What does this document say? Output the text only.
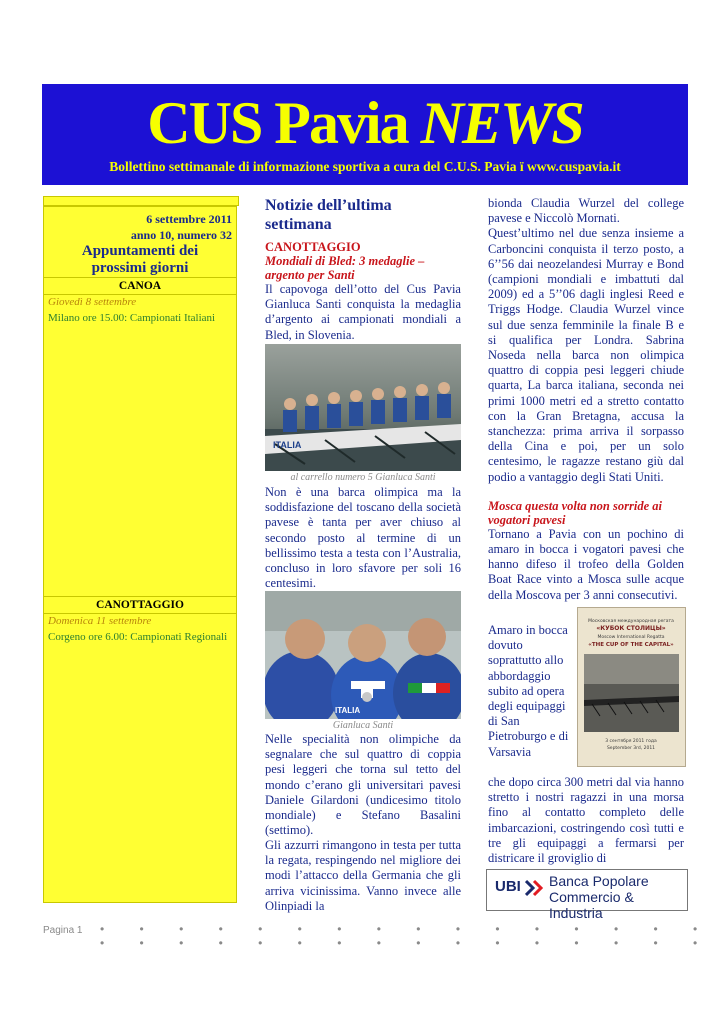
CUS Pavia NEWS
Bollettino settimanale di informazione sportiva a cura del C.U.S. Pavia ï www.cuspavia.it
6 settembre 2011
anno 10, numero 32
Appuntamenti dei
prossimi giorni
CANOA
Giovedì 8 settembre
Milano ore 15.00: Campionati Italiani
CANOTTAGGIO
Domenica 11 settembre
Corgeno ore 6.00: Campionati Regionali
Notizie dell’ultima
settimana
CANOTTAGGIO
Mondiali di Bled: 3 medaglie – argento per Santi
Il capovoga dell’otto del Cus Pavia Gianluca Santi conquista la medaglia d’argento ai campionati mondiali a Bled, in Slovenia.
ITALIA
al carrello numero 5 Gianluca Santi
Non è una barca olimpica ma la soddisfazione del toscano della società pavese è tanta per aver chiuso al secondo posto al termine di un bellissimo testa a testa con l’Australia, concluso in loro sfavore per soli 16 centesimi.
ITALIA
Gianluca Santi
Nelle specialità non olimpiche da segnalare che sul quattro di coppia pesi leggeri che torna sul tetto del mondo c’erano gli universitari pavesi Daniele Gilardoni (undicesimo titolo mondiale) e Stefano Basalini (settimo).
Gli azzurri rimangono in testa per tutta la regata, respingendo nel migliore dei modi l’attacco della Germania che gli arriva vicinissima. Vanno invece alle Olinpiadi la
bionda Claudia Wurzel del college pavese e Niccolò Mornati.
Quest’ultimo nel due senza insieme a Carboncini conquista il terzo posto, a 6’’56 dai neozelandesi Murray e Bond (campioni mondiali e imbattuti dal 2009) ed a 5’’06 dagli inglesi Reed e Triggs Hodge. Claudia Wurzel vince sul due senza femminile la finale B e si qualifica per Londra. Sabrina Noseda nella barca non olimpica quattro di coppia pesi leggeri chiude quarta, La barca italiana, seconda nei primi 1000 metri ed a stretto contatto con la Gran Bretagna, accusa la stanchezza: prima arriva il sorpasso della Cina e poi, per un solo centesimo, le ragazze restano giù dal podio a vantaggio degli Stati Uniti.
Mosca questa volta non sorride ai vogatori pavesi
Tornano a Pavia con un pochino di amaro in bocca i vogatori pavesi che hanno difeso il trofeo della Golden Boat Race vinto a Mosca sulle acque della Moscova per 3 anni consecutivi.
Amaro in bocca dovuto soprattutto allo abbordaggio subito ad opera degli equipaggi di San Pietroburgo e di Varsavia
Московская международная регата
«КУБОК СТОЛИЦЫ»
Moscow International Regatta
«THE CUP OF THE CAPITAL»
3 сентября 2011 года
September 3rd, 2011
che dopo circa 300 metri dal via hanno stretto i nostri ragazzi in una morsa fino al contatto completo delle imbarcazioni, costringendo così tutti e tre gli equipaggi a fermarsi per districare il groviglio di
UBI Banca Popolare
Commercio & Industria
Pagina 1 • • • • • • • • • • • • • • • • • • • • • • • • • • • • • • • •
